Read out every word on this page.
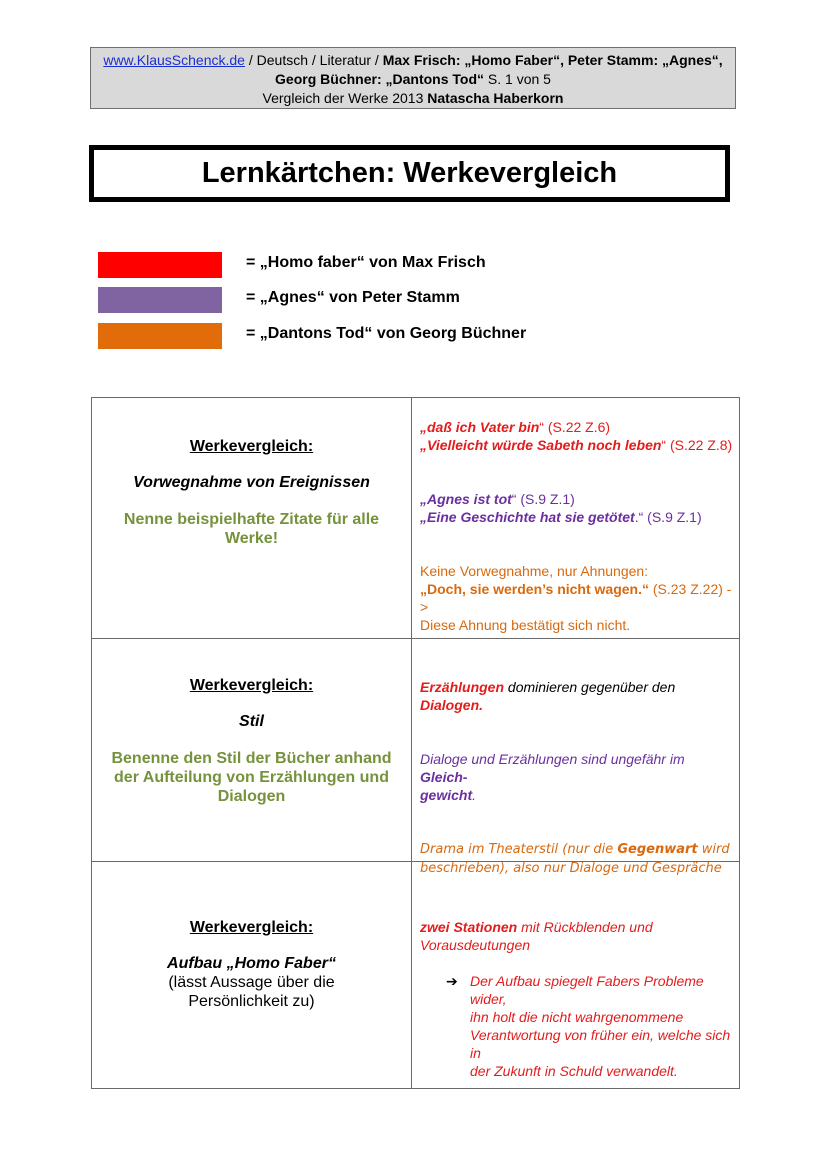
www.KlausSchenck.de / Deutsch / Literatur / Max Frisch: „Homo Faber“, Peter Stamm: „Agnes“,
Georg Büchner: „Dantons Tod“ S. 1 von 5
Vergleich der Werke 2013 Natascha Haberkorn
Lernkärtchen: Werkevergleich
= „Homo faber“ von Max Frisch
= „Agnes“ von Peter Stamm
= „Dantons Tod“ von Georg Büchner
Werkevergleich:
Vorwegnahme von Ereignissen
Nenne beispielhafte Zitate für alle
Werke!
„daß ich Vater bin“ (S.22 Z.6)
„Vielleicht würde Sabeth noch leben“ (S.22 Z.8)
„Agnes ist tot“ (S.9 Z.1)
„Eine Geschichte hat sie getötet.“ (S.9 Z.1)
Keine Vorwegnahme, nur Ahnungen:
„Doch, sie werden’s nicht wagen.“ (S.23 Z.22) ->
Diese Ahnung bestätigt sich nicht.
Werkevergleich:
Stil
Benenne den Stil der Bücher anhand
der Aufteilung von Erzählungen und
Dialogen
Erzählungen dominieren gegenüber den Dialogen.
Dialoge und Erzählungen sind ungefähr im Gleich-
gewicht.
Drama im Theaterstil (nur die Gegenwart wird
beschrieben), also nur Dialoge und Gespräche
Werkevergleich:
Aufbau „Homo Faber“
(lässt Aussage über die
Persönlichkeit zu)
zwei Stationen mit Rückblenden und
Vorausdeutungen
➔ Der Aufbau spiegelt Fabers Probleme wider,
ihn holt die nicht wahrgenommene
Verantwortung von früher ein, welche sich in
der Zukunft in Schuld verwandelt.
